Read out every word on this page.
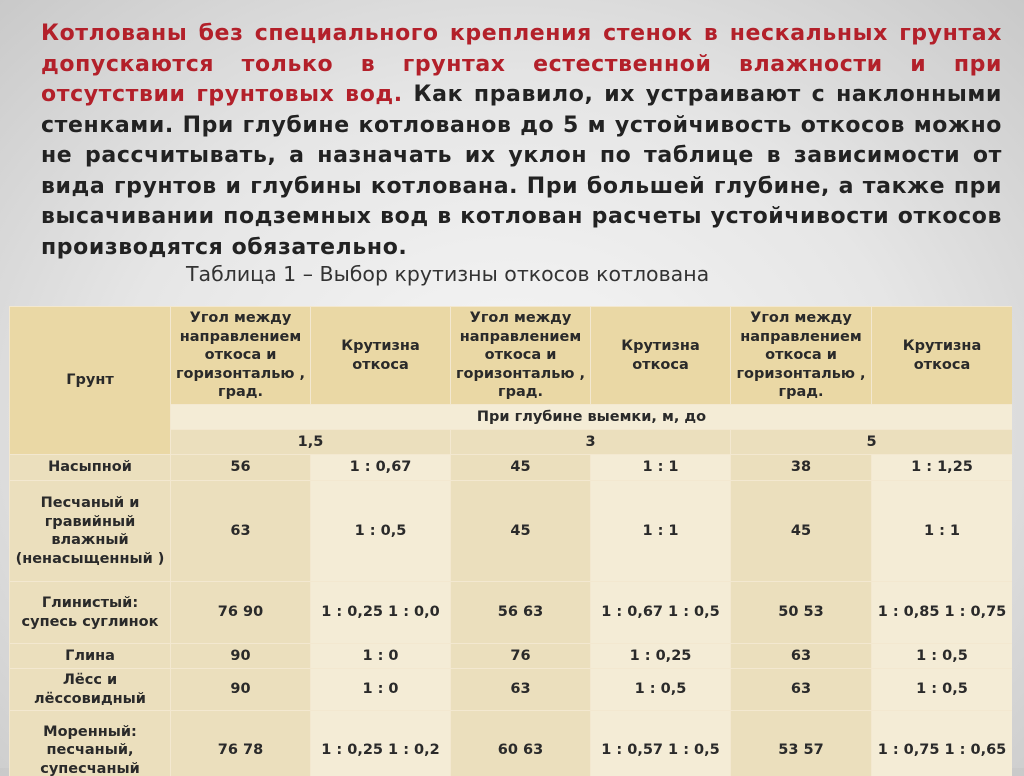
Котлованы без специального крепления стенок в нескальных грунтах допускаются только в грунтах естественной влажности и при отсутствии грунтовых вод. Как правило, их устраивают с наклонными стенками. При глубине котлованов до 5 м устойчивость откосов можно не рассчитывать, а назначать их уклон по таблице в зависимости от вида грунтов и глубины котлована. При большей глубине, а также при высачивании подземных вод в котлован расчеты устойчивости откосов производятся обязательно.

Таблица 1 – Выбор крутизны откосов котлована

Грунт	Угол между направлением откоса и горизонталью , град.	Крутизна откоса	Угол между направлением откоса и горизонталью , град.	Крутизна откоса	Угол между направлением откоса и горизонталью , град.	Крутизна откоса
	При глубине выемки, м, до					
	1,5		3		5	
Насыпной	56	1 : 0,67	45	1 : 1	38	1 : 1,25
Песчаный и гравийный влажный (ненасыщенный )	63	1 : 0,5	45	1 : 1	45	1 : 1
Глинистый: супесь суглинок	76 90	1 : 0,25 1 : 0,0	56 63	1 : 0,67 1 : 0,5	50 53	1 : 0,85 1 : 0,75
Глина	90	1 : 0	76	1 : 0,25	63	1 : 0,5
Лёсс и лёссовидный	90	1 : 0	63	1 : 0,5	63	1 : 0,5
Моренный: песчаный, супесчаный	76 78	1 : 0,25 1 : 0,2	60 63	1 : 0,57 1 : 0,5	53 57	1 : 0,75 1 : 0,65
